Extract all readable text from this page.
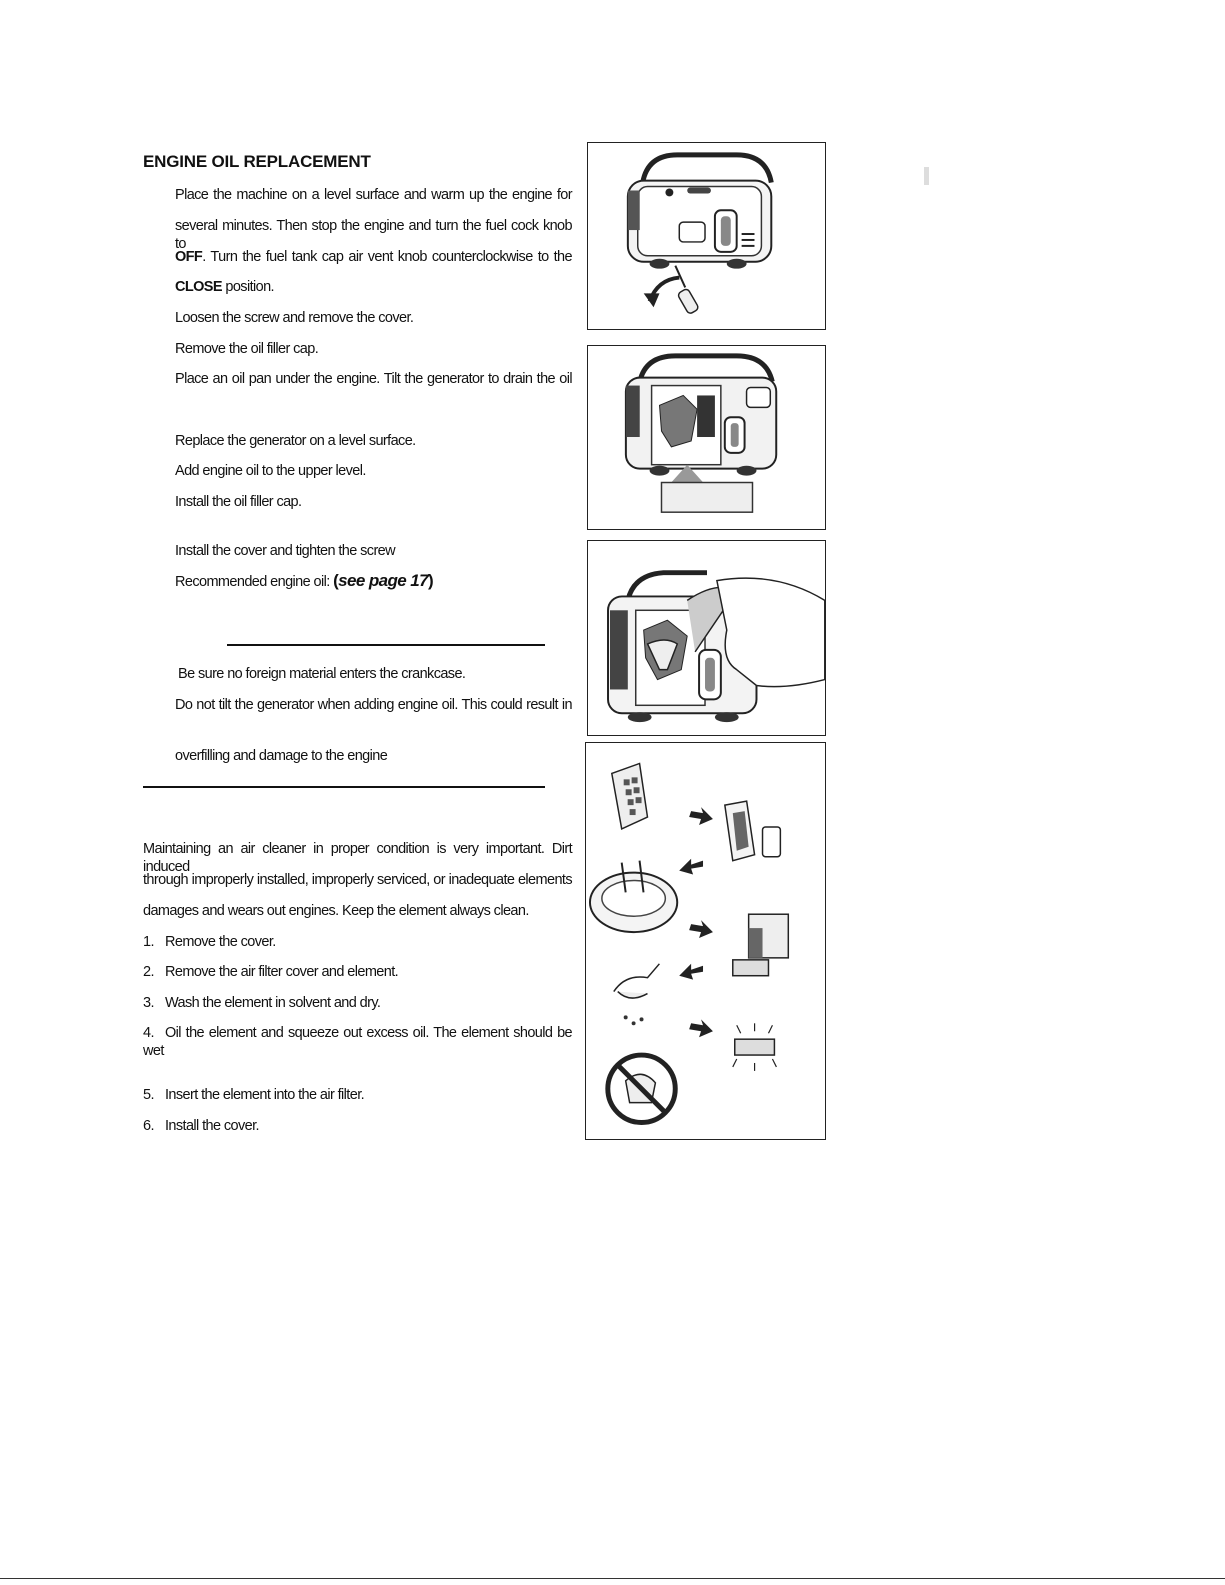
ENGINE OIL REPLACEMENT
Place the machine on a level surface and warm up the engine for
several minutes. Then stop the engine and turn the fuel cock knob to
OFF. Turn the fuel tank cap air vent knob counterclockwise to the
CLOSE position.
Loosen the screw and remove the cover.
Remove the oil filler cap.
Place an oil pan under the engine. Tilt the generator to drain the oil
Replace the generator on a level surface.
Add engine oil to the upper level.
Install the oil filler cap.
Install the cover and tighten the screw
Recommended engine oil: (see page 17)
Be sure no foreign material enters the crankcase.
Do not tilt the generator when adding engine oil. This could result in
overfilling and damage to the engine
Maintaining an air cleaner in proper condition is very important. Dirt induced
through improperly installed, improperly serviced, or inadequate elements
damages and wears out engines. Keep the element always clean.
1. Remove the cover.
2. Remove the air filter cover and element.
3. Wash the element in solvent and dry.
4. Oil the element and squeeze out excess oil. The element should be wet
5. Insert the element into the air filter.
6. Install the cover.
